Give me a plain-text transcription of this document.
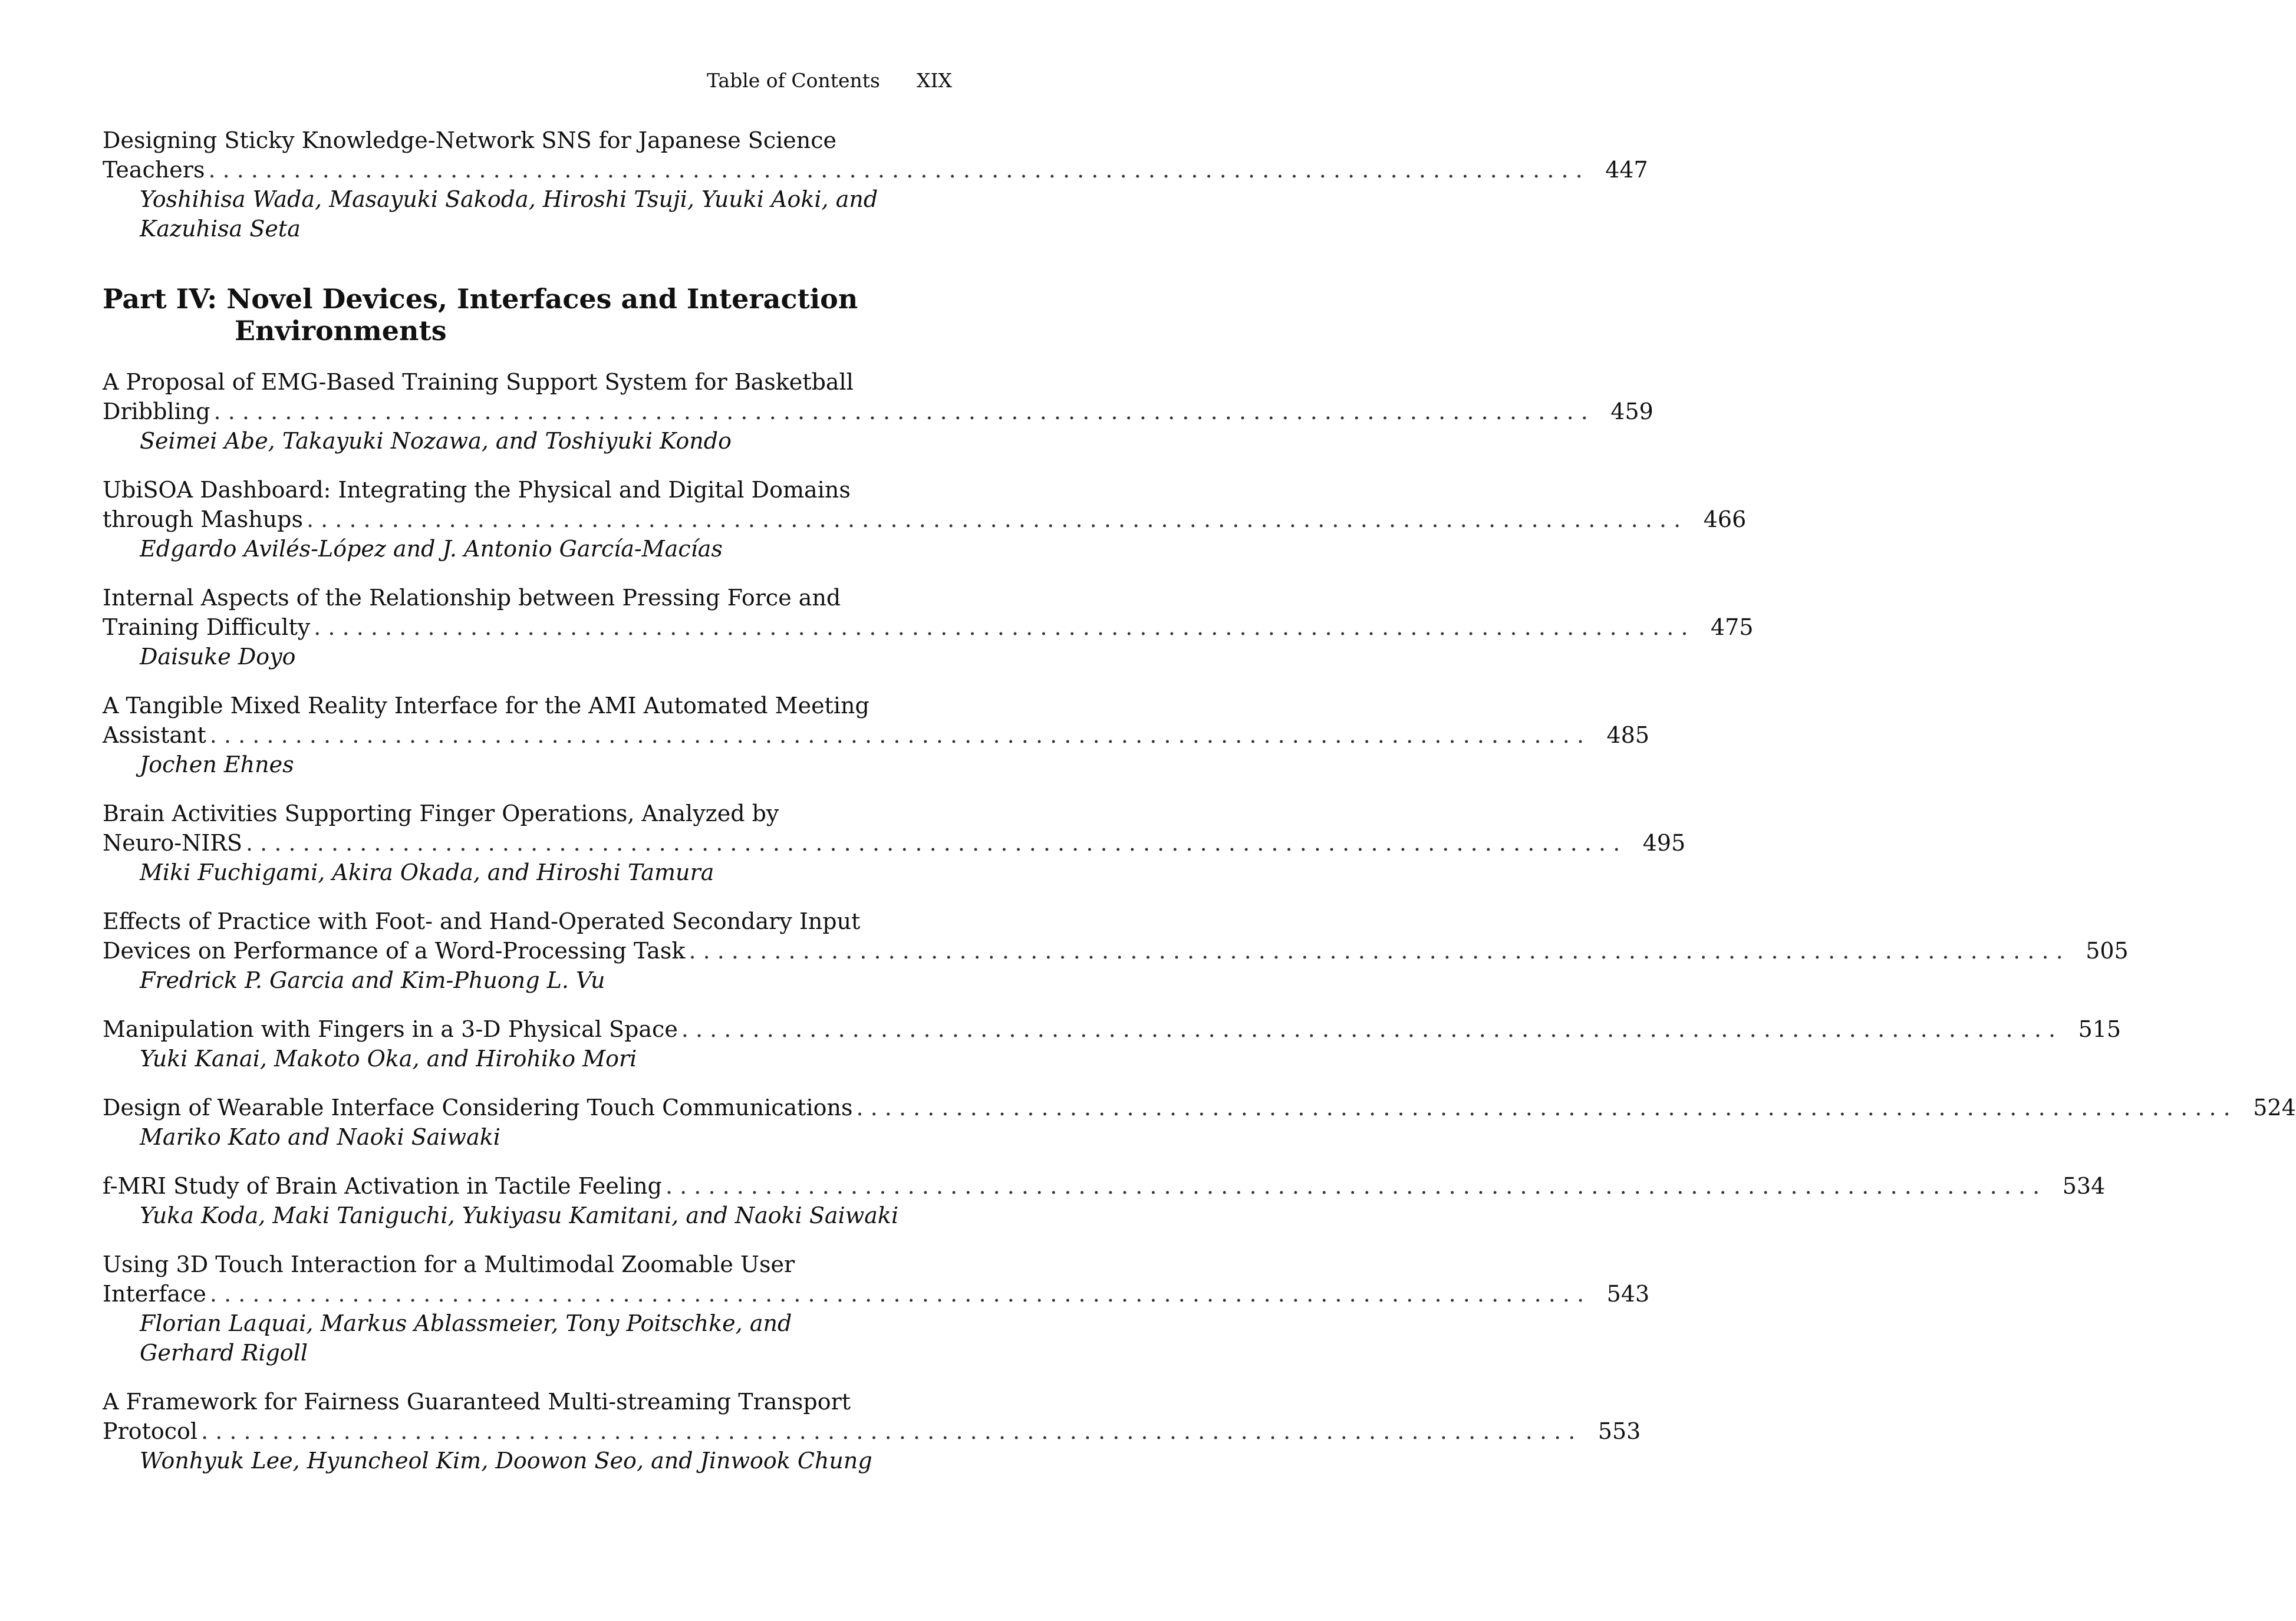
Table of Contents XIX
Designing Sticky Knowledge-Network SNS for Japanese Science
Teachers . . . . . . . . . . . . . . . . . . . . . . . . . . . . . . . . . . . . . . . . . . . . . . . . . . . . . . . . . . . . . . . . . . . . . . . . . . . . . . . . . . . . . . . . . . . . . . . . .	447
Yoshihisa Wada, Masayuki Sakoda, Hiroshi Tsuji, Yuuki Aoki, and
Kazuhisa Seta
Part IV: Novel Devices, Interfaces and Interaction
Environments
A Proposal of EMG-Based Training Support System for Basketball
Dribbling . . . . . . . . . . . . . . . . . . . . . . . . . . . . . . . . . . . . . . . . . . . . . . . . . . . . . . . . . . . . . . . . . . . . . . . . . . . . . . . . . . . . . . . . . . . . . . . . .	459
Seimei Abe, Takayuki Nozawa, and Toshiyuki Kondo
UbiSOA Dashboard: Integrating the Physical and Digital Domains
through Mashups . . . . . . . . . . . . . . . . . . . . . . . . . . . . . . . . . . . . . . . . . . . . . . . . . . . . . . . . . . . . . . . . . . . . . . . . . . . . . . . . . . . . . . . . . . . . . . . . .	466
Edgardo Avilés-López and J. Antonio García-Macías
Internal Aspects of the Relationship between Pressing Force and
Training Difficulty . . . . . . . . . . . . . . . . . . . . . . . . . . . . . . . . . . . . . . . . . . . . . . . . . . . . . . . . . . . . . . . . . . . . . . . . . . . . . . . . . . . . . . . . . . . . . . . . .	475
Daisuke Doyo
A Tangible Mixed Reality Interface for the AMI Automated Meeting
Assistant . . . . . . . . . . . . . . . . . . . . . . . . . . . . . . . . . . . . . . . . . . . . . . . . . . . . . . . . . . . . . . . . . . . . . . . . . . . . . . . . . . . . . . . . . . . . . . . . .	485
Jochen Ehnes
Brain Activities Supporting Finger Operations, Analyzed by
Neuro-NIRS . . . . . . . . . . . . . . . . . . . . . . . . . . . . . . . . . . . . . . . . . . . . . . . . . . . . . . . . . . . . . . . . . . . . . . . . . . . . . . . . . . . . . . . . . . . . . . . . .	495
Miki Fuchigami, Akira Okada, and Hiroshi Tamura
Effects of Practice with Foot- and Hand-Operated Secondary Input
Devices on Performance of a Word-Processing Task . . . . . . . . . . . . . . . . . . . . . . . . . . . . . . . . . . . . . . . . . . . . . . . . . . . . . . . . . . . . . . . . . . . . . . . . . . . . . . . . . . . . . . . . . . . . . . . . .	505
Fredrick P. Garcia and Kim-Phuong L. Vu
Manipulation with Fingers in a 3-D Physical Space . . . . . . . . . . . . . . . . . . . . . . . . . . . . . . . . . . . . . . . . . . . . . . . . . . . . . . . . . . . . . . . . . . . . . . . . . . . . . . . . . . . . . . . . . . . . . . . . .	515
Yuki Kanai, Makoto Oka, and Hirohiko Mori
Design of Wearable Interface Considering Touch Communications . . . . . . . . . . . . . . . . . . . . . . . . . . . . . . . . . . . . . . . . . . . . . . . . . . . . . . . . . . . . . . . . . . . . . . . . . . . . . . . . . . . . . . . . . . . . . . . . .	524
Mariko Kato and Naoki Saiwaki
f-MRI Study of Brain Activation in Tactile Feeling . . . . . . . . . . . . . . . . . . . . . . . . . . . . . . . . . . . . . . . . . . . . . . . . . . . . . . . . . . . . . . . . . . . . . . . . . . . . . . . . . . . . . . . . . . . . . . . . .	534
Yuka Koda, Maki Taniguchi, Yukiyasu Kamitani, and Naoki Saiwaki
Using 3D Touch Interaction for a Multimodal Zoomable User
Interface . . . . . . . . . . . . . . . . . . . . . . . . . . . . . . . . . . . . . . . . . . . . . . . . . . . . . . . . . . . . . . . . . . . . . . . . . . . . . . . . . . . . . . . . . . . . . . . . .	543
Florian Laquai, Markus Ablassmeier, Tony Poitschke, and
Gerhard Rigoll
A Framework for Fairness Guaranteed Multi-streaming Transport
Protocol . . . . . . . . . . . . . . . . . . . . . . . . . . . . . . . . . . . . . . . . . . . . . . . . . . . . . . . . . . . . . . . . . . . . . . . . . . . . . . . . . . . . . . . . . . . . . . . . .	553
Wonhyuk Lee, Hyuncheol Kim, Doowon Seo, and Jinwook Chung
